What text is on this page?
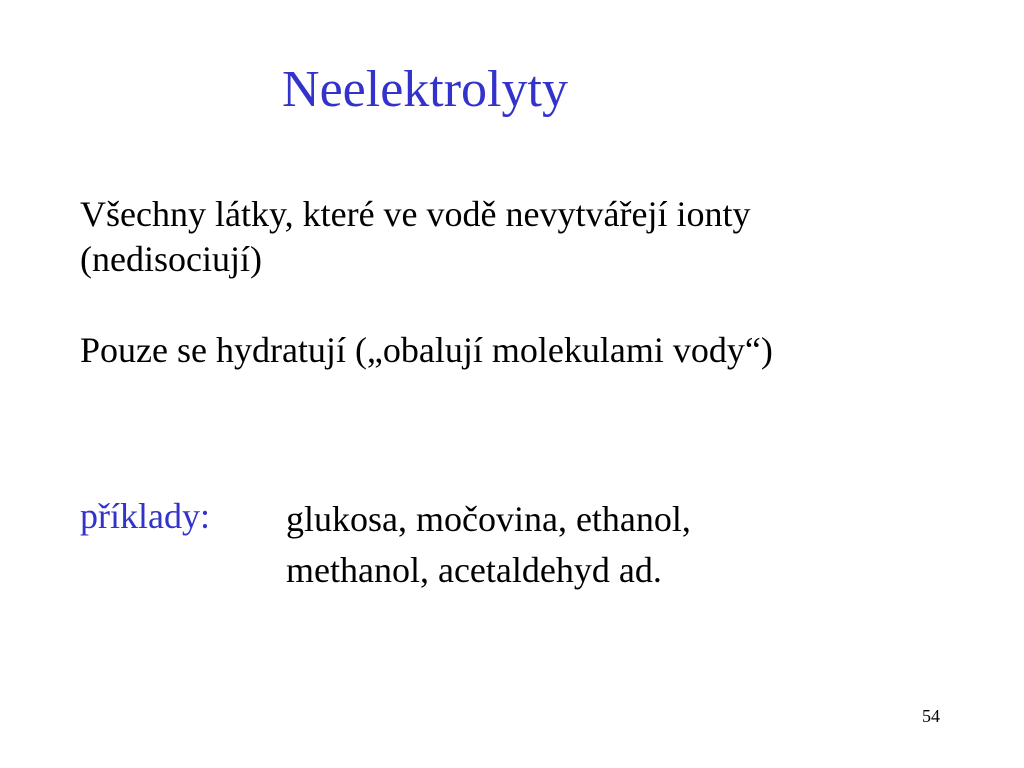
Neelektrolyty
Všechny látky, které ve vodě nevytvářejí ionty
(nedisociují)
Pouze se hydratují („obalují molekulami vody“)
příklady: glukosa, močovina, ethanol,
methanol, acetaldehyd ad.
54
